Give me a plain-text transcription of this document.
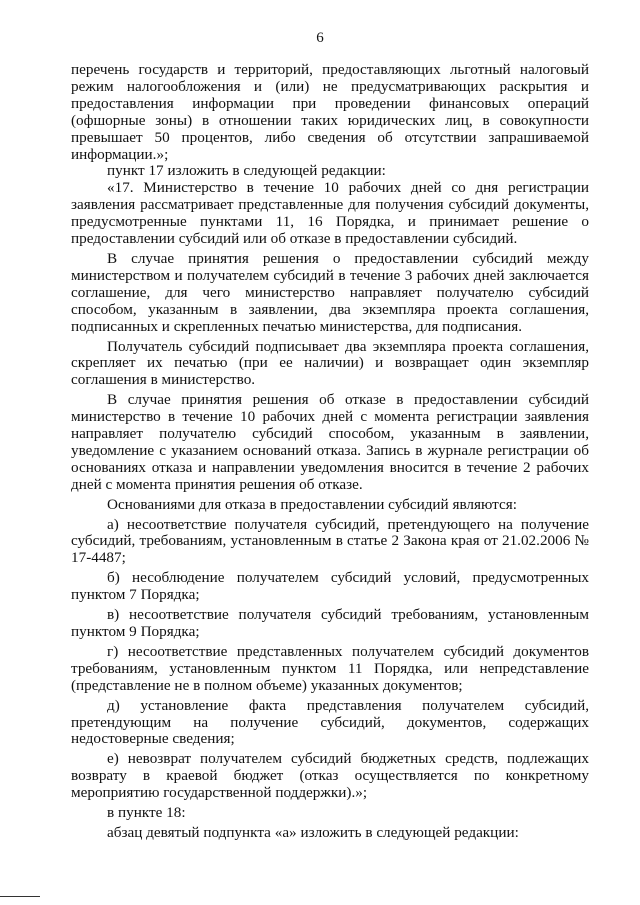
6

перечень государств и территорий, предоставляющих льготный налоговый режим налогообложения и (или) не предусматривающих раскрытия и предоставления информации при проведении финансовых операций (офшорные зоны) в отношении таких юридических лиц, в совокупности превышает 50 процентов, либо сведения об отсутствии запрашиваемой информации.»;

пункт 17 изложить в следующей редакции:

«17. Министерство в течение 10 рабочих дней со дня регистрации заявления рассматривает представленные для получения субсидий документы, предусмотренные пунктами 11, 16 Порядка, и принимает решение о предоставлении субсидий или об отказе в предоставлении субсидий.

В случае принятия решения о предоставлении субсидий между министерством и получателем субсидий в течение 3 рабочих дней заключается соглашение, для чего министерство направляет получателю субсидий способом, указанным в заявлении, два экземпляра проекта соглашения, подписанных и скрепленных печатью министерства, для подписания.

Получатель субсидий подписывает два экземпляра проекта соглашения, скрепляет их печатью (при ее наличии) и возвращает один экземпляр соглашения в министерство.

В случае принятия решения об отказе в предоставлении субсидий министерство в течение 10 рабочих дней с момента регистрации заявления направляет получателю субсидий способом, указанным в заявлении, уведомление с указанием оснований отказа. Запись в журнале регистрации об основаниях отказа и направлении уведомления вносится в течение 2 рабочих дней с момента принятия решения об отказе.

Основаниями для отказа в предоставлении субсидий являются:

а) несоответствие получателя субсидий, претендующего на получение субсидий, требованиям, установленным в статье 2 Закона края от 21.02.2006 № 17-4487;

б) несоблюдение получателем субсидий условий, предусмотренных пунктом 7 Порядка;

в) несоответствие получателя субсидий требованиям, установленным пунктом 9 Порядка;

г) несоответствие представленных получателем субсидий документов требованиям, установленным пунктом 11 Порядка, или непредставление (представление не в полном объеме) указанных документов;

д) установление факта представления получателем субсидий, претендующим на получение субсидий, документов, содержащих недостоверные сведения;

е) невозврат получателем субсидий бюджетных средств, подлежащих возврату в краевой бюджет (отказ осуществляется по конкретному мероприятию государственной поддержки).»;

в пункте 18:

абзац девятый подпункта «а» изложить в следующей редакции:
